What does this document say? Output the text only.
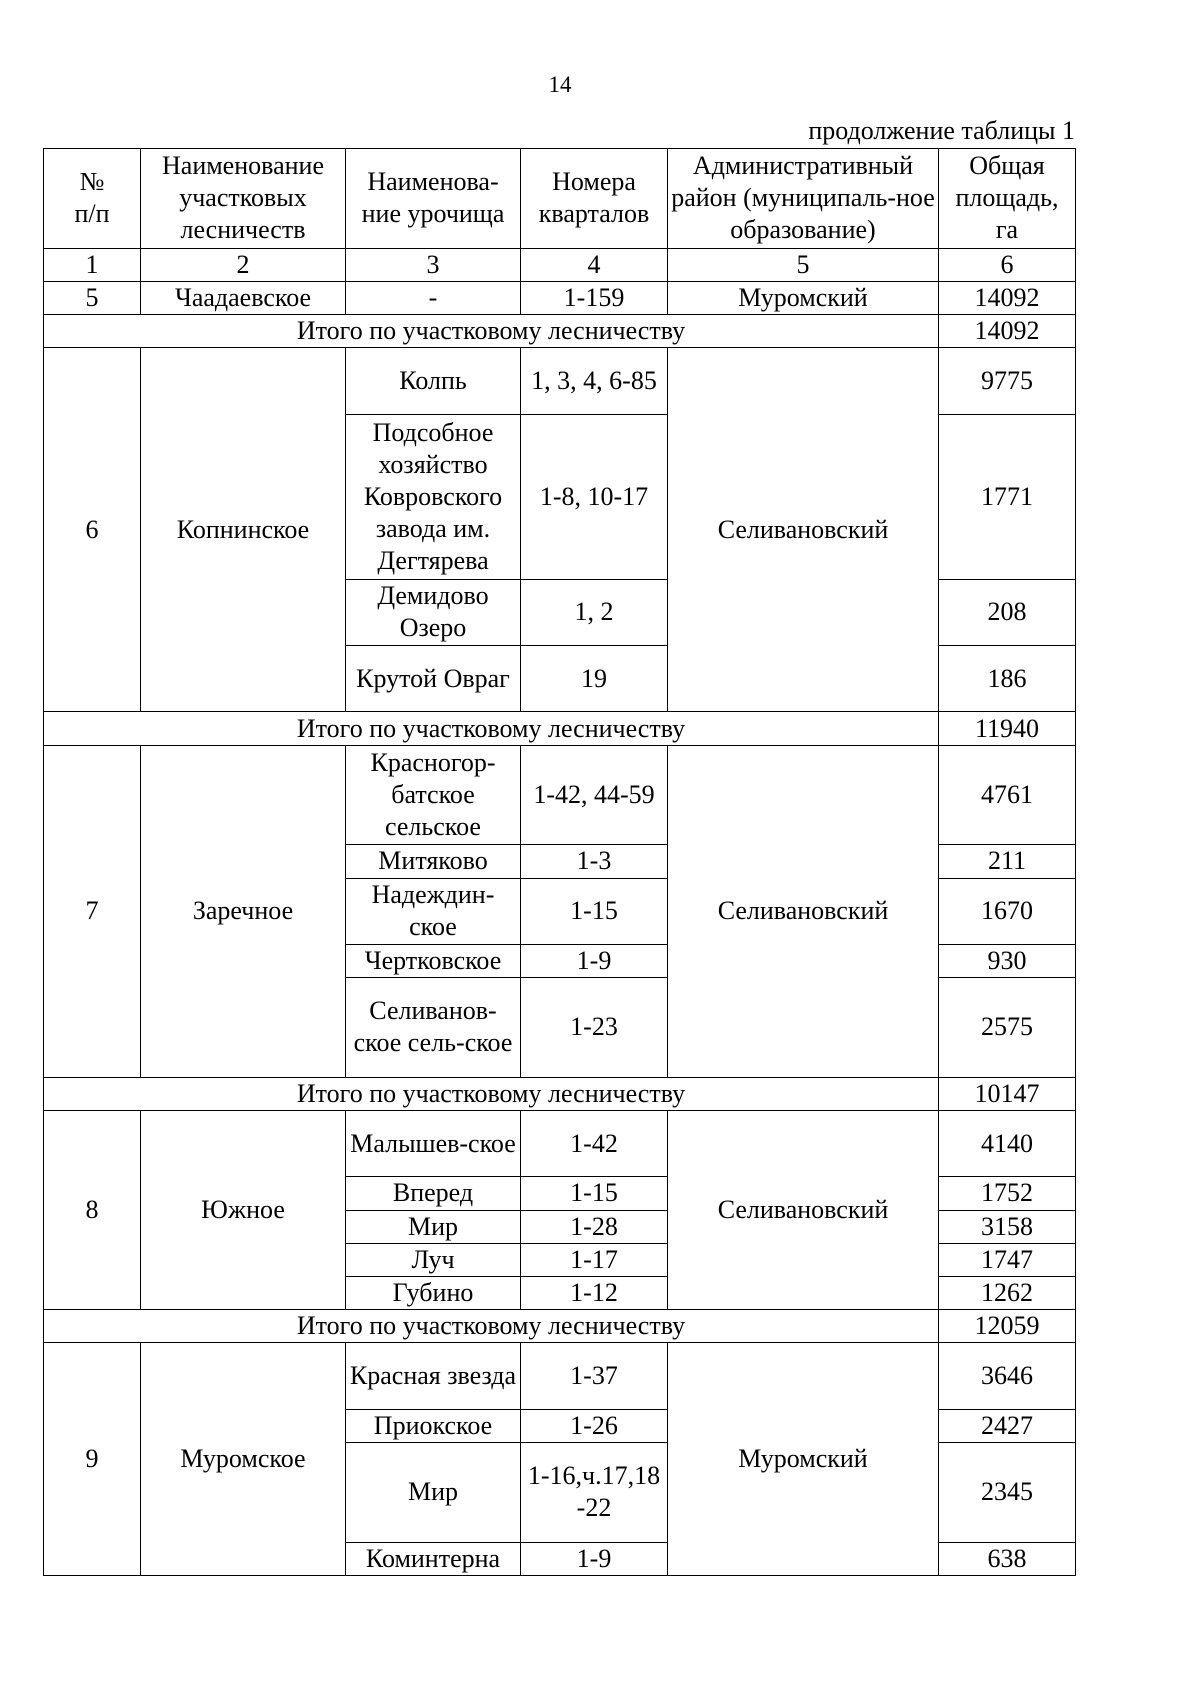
14
продолжение таблицы 1
№
п/п	Наименование участковых лесничеств	Наименова-ние урочища	Номера кварталов	Административный район (муниципаль-ное образование)	Общая площадь, га
1	2	3	4	5	6
5	Чаадаевское	-	1-159	Муромский	14092
Итого по участковому лесничеству					14092
6	Копнинское	Колпь	1, 3, 4, 6-85	Селивановский	9775
		Подсобное хозяйство Ковровского завода им. Дегтярева	1-8, 10-17		1771
		Демидово Озеро	1, 2		208
		Крутой Овраг	19		186
Итого по участковому лесничеству					11940
7	Заречное	Красногор-батское сельское	1-42, 44-59	Селивановский	4761
		Митяково	1-3		211
		Надеждин-ское	1-15		1670
		Чертковское	1-9		930
		Селиванов-ское сель-ское	1-23		2575
Итого по участковому лесничеству					10147
8	Южное	Малышев-ское	1-42	Селивановский	4140
		Вперед	1-15		1752
		Мир	1-28		3158
		Луч	1-17		1747
		Губино	1-12		1262
Итого по участковому лесничеству					12059
9	Муромское	Красная звезда	1-37	Муромский	3646
		Приокское	1-26		2427
		Мир	1-16,ч.17,18-22		2345
		Коминтерна	1-9		638
